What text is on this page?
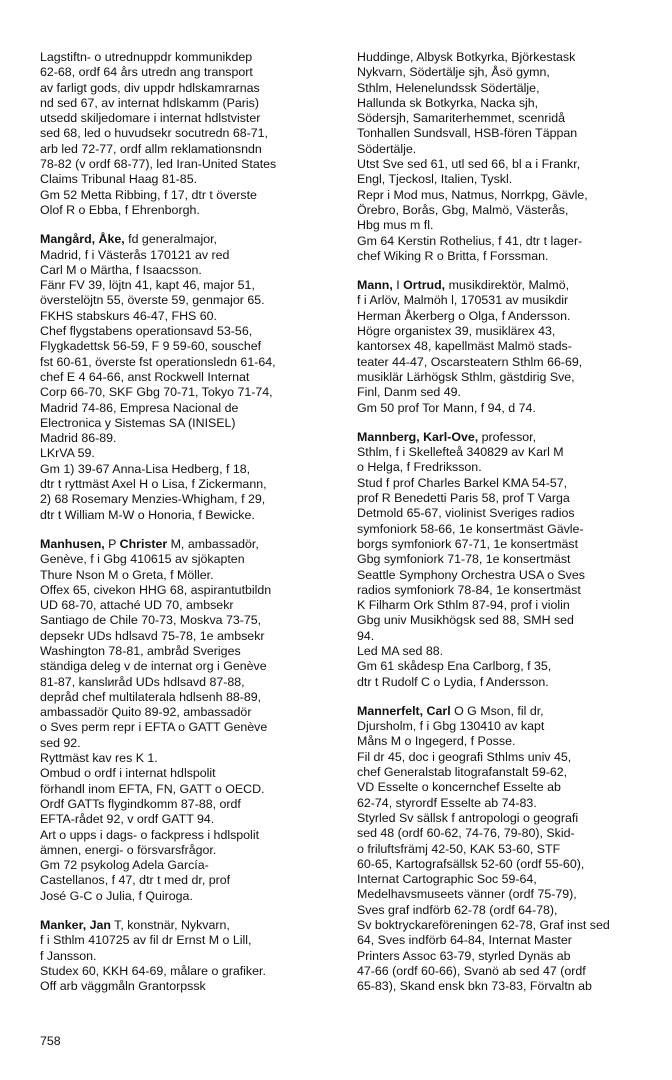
Lagstiftn- o utrednuppdr kommunikdep
62-68, ordf 64 års utredn ang transport
av farligt gods, div uppdr hdlskamrarnas
nd sed 67, av internat hdlskamm (Paris)
utsedd skiljedomare i internat hdlstvister
sed 68, led o huvudsekr socutredn 68-71,
arb led 72-77, ordf allm reklamationsndn
78-82 (v ordf 68-77), led Iran-United States
Claims Tribunal Haag 81-85.
Gm 52 Metta Ribbing, f 17, dtr t överste
Olof R o Ebba, f Ehrenborgh.
Mangård, Åke, fd generalmajor,
Madrid, f i Västerås 170121 av red
Carl M o Märtha, f Isaacsson.
Fänr FV 39, löjtn 41, kapt 46, major 51,
överstelöjtn 55, överste 59, genmajor 65.
FKHS stabskurs 46-47, FHS 60.
Chef flygstabens operationsavd 53-56,
Flygkadettsk 56-59, F 9 59-60, souschef
fst 60-61, överste fst operationsledn 61-64,
chef E 4 64-66, anst Rockwell Internat
Corp 66-70, SKF Gbg 70-71, Tokyo 71-74,
Madrid 74-86, Empresa Nacional de
Electronica y Sistemas SA (INISEL)
Madrid 86-89.
LKrVA 59.
Gm 1) 39-67 Anna-Lisa Hedberg, f 18,
dtr t ryttmäst Axel H o Lisa, f Zickermann,
2) 68 Rosemary Menzies-Whigham, f 29,
dtr t William M-W o Honoria, f Bewicke.
Manhusen, P Christer M, ambassadör,
Genève, f i Gbg 410615 av sjökapten
Thure Nson M o Greta, f Möller.
Offex 65, civekon HHG 68, aspirantutbildn
UD 68-70, attaché UD 70, ambsekr
Santiago de Chile 70-73, Moskva 73-75,
depsekr UDs hdlsavd 75-78, 1e ambsekr
Washington 78-81, ambråd Sveriges
ständiga deleg v de internat org i Genève
81-87, kanslиråd UDs hdlsavd 87-88,
depråd chef multilaterala hdlsenh 88-89,
ambassadör Quito 89-92, ambassadör
o Sves perm repr i EFTA o GATT Genève
sed 92.
Ryttmäst kav res K 1.
Ombud o ordf i internat hdlspolit
förhandl inom EFTA, FN, GATT o OECD.
Ordf GATTs flygindkomm 87-88, ordf
EFTA-rådet 92, v ordf GATT 94.
Art o upps i dags- o fackpress i hdlspolit
ämnen, energi- o försvarsfrågor.
Gm 72 psykolog Adela García-
Castellanos, f 47, dtr t med dr, prof
José G-C o Julia, f Quiroga.
Manker, Jan T, konstnär, Nykvarn,
f i Sthlm 410725 av fil dr Ernst M o Lill,
f Jansson.
Studex 60, KKH 64-69, målare o grafiker.
Off arb väggmåln Grantorpssk
Huddinge, Albysk Botkyrka, Björkestask
Nykvarn, Södertälje sjh, Åsö gymn,
Sthlm, Helenelundssk Södertälje,
Hallunda sk Botkyrka, Nacka sjh,
Södersjh, Samariterhemmet, scenridå
Tonhallen Sundsvall, HSB-fören Täppan
Södertälje.
Utst Sve sed 61, utl sed 66, bl a i Frankr,
Engl, Tjeckosl, Italien, Tyskl.
Repr i Mod mus, Natmus, Norrkpg, Gävle,
Örebro, Borås, Gbg, Malmö, Västerås,
Hbg mus m fl.
Gm 64 Kerstin Rothelius, f 41, dtr t lager-
chef Wiking R o Britta, f Forssman.
Mann, I Ortrud, musikdirektör, Malmö,
f i Arlöv, Malmöh l, 170531 av musikdir
Herman Åkerberg o Olga, f Andersson.
Högre organistex 39, musiklärex 43,
kantorsex 48, kapellmäst Malmö stads-
teater 44-47, Oscarsteatern Sthlm 66-69,
musiklär Lärhögsk Sthlm, gästdirig Sve,
Finl, Danm sed 49.
Gm 50 prof Tor Mann, f 94, d 74.
Mannberg, Karl-Ove, professor,
Sthlm, f i Skellefteå 340829 av Karl M
o Helga, f Fredriksson.
Stud f prof Charles Barkel KMA 54-57,
prof R Benedetti Paris 58, prof T Varga
Detmold 65-67, violinist Sveriges radios
symfoniork 58-66, 1e konsertmäst Gävle-
borgs symfoniork 67-71, 1e konsertmäst
Gbg symfoniork 71-78, 1e konsertmäst
Seattle Symphony Orchestra USA o Sves
radios symfoniork 78-84, 1e konsertmäst
K Filharm Ork Sthlm 87-94, prof i violin
Gbg univ Musikhögsk sed 88, SMH sed
94.
Led MA sed 88.
Gm 61 skådesp Ena Carlborg, f 35,
dtr t Rudolf C o Lydia, f Andersson.
Mannerfelt, Carl O G Mson, fil dr,
Djursholm, f i Gbg 130410 av kapt
Måns M o Ingegerd, f Posse.
Fil dr 45, doc i geografi Sthlms univ 45,
chef Generalstab litografanstalt 59-62,
VD Esselte o koncernchef Esselte ab
62-74, styrordf Esselte ab 74-83.
Styrled Sv sällsk f antropologi o geografi
sed 48 (ordf 60-62, 74-76, 79-80), Skid-
o friluftsfrämj 42-50, KAK 53-60, STF
60-65, Kartografsällsk 52-60 (ordf 55-60),
Internat Cartographic Soc 59-64,
Medelhavsmuseets vänner (ordf 75-79),
Sves graf indförb 62-78 (ordf 64-78),
Sv boktryckareföreningen 62-78, Graf inst sed
64, Sves indförb 64-84, Internat Master
Printers Assoc 63-79, styrled Dynäs ab
47-66 (ordf 60-66), Svanö ab sed 47 (ordf
65-83), Skand ensk bkn 73-83, Förvaltn ab
758
